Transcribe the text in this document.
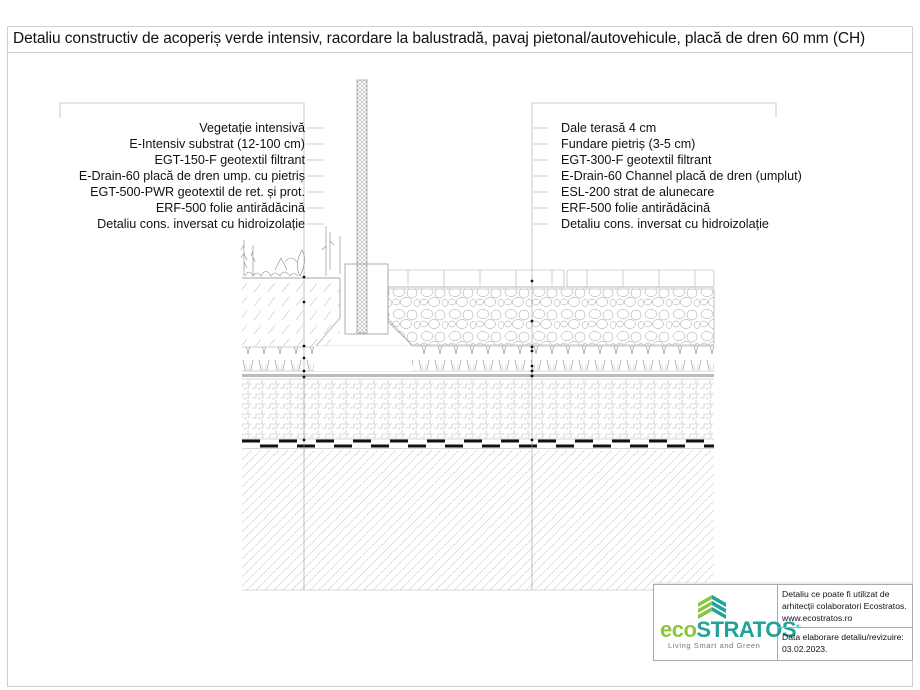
Detaliu constructiv de acoperiș verde intensiv, racordare la balustradă, pavaj pietonal/autovehicule, placă de dren 60 mm (CH)
Vegetație intensivă
E-Intensiv substrat (12-100 cm)
EGT-150-F geotextil filtrant
E-Drain-60 placă de dren ump. cu pietriș
EGT-500-PWR geotextil de ret. și prot.
ERF-500 folie antirădăcină
Detaliu cons. inversat cu hidroizolație
Dale terasă 4 cm
Fundare pietriș (3-5 cm)
EGT-300-F geotextil filtrant
E-Drain-60 Channel placă de dren (umplut)
ESL-200 strat de alunecare
ERF-500 folie antirădăcină
Detaliu cons. inversat cu hidroizolație
ecoSTRATOS®
Living Smart and Green
Detaliu ce poate fi utilizat de
arhitecții colaboratori Ecostratos.
www.ecostratos.ro
Data elaborare detaliu/revizuire:
03.02.2023.
